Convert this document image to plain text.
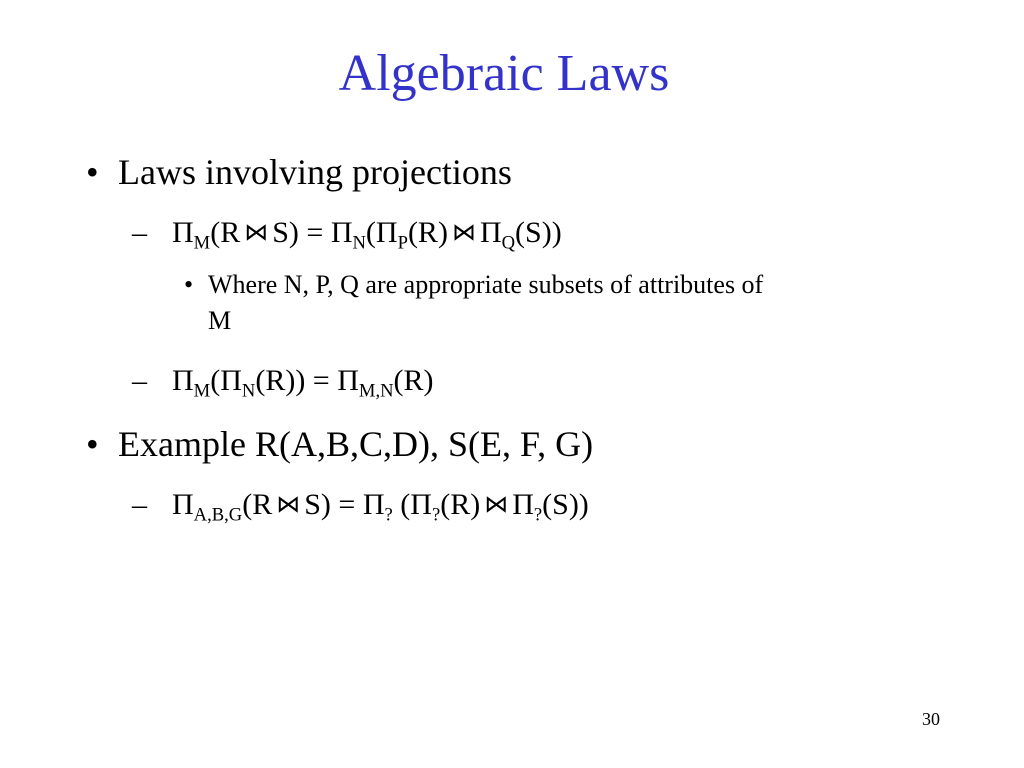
Algebraic Laws
• Laws involving projections
– $\Pi_M(R$ ⋈ $S) = \Pi_N(\Pi_P(R)$ ⋈ $\Pi_Q(S)$)
• Where N, P, Q are appropriate subsets of attributes of
M
– $\Pi_M(\Pi_N(R)) = \Pi_{M,N}(R)$
• Example R(A,B,C,D), S(E, F, G)
– $\Pi_{A,B,G}(R$ ⋈ $S) = \Pi_?$ ($\Pi_?(R)$ ⋈ $\Pi_?(S)$)
30
